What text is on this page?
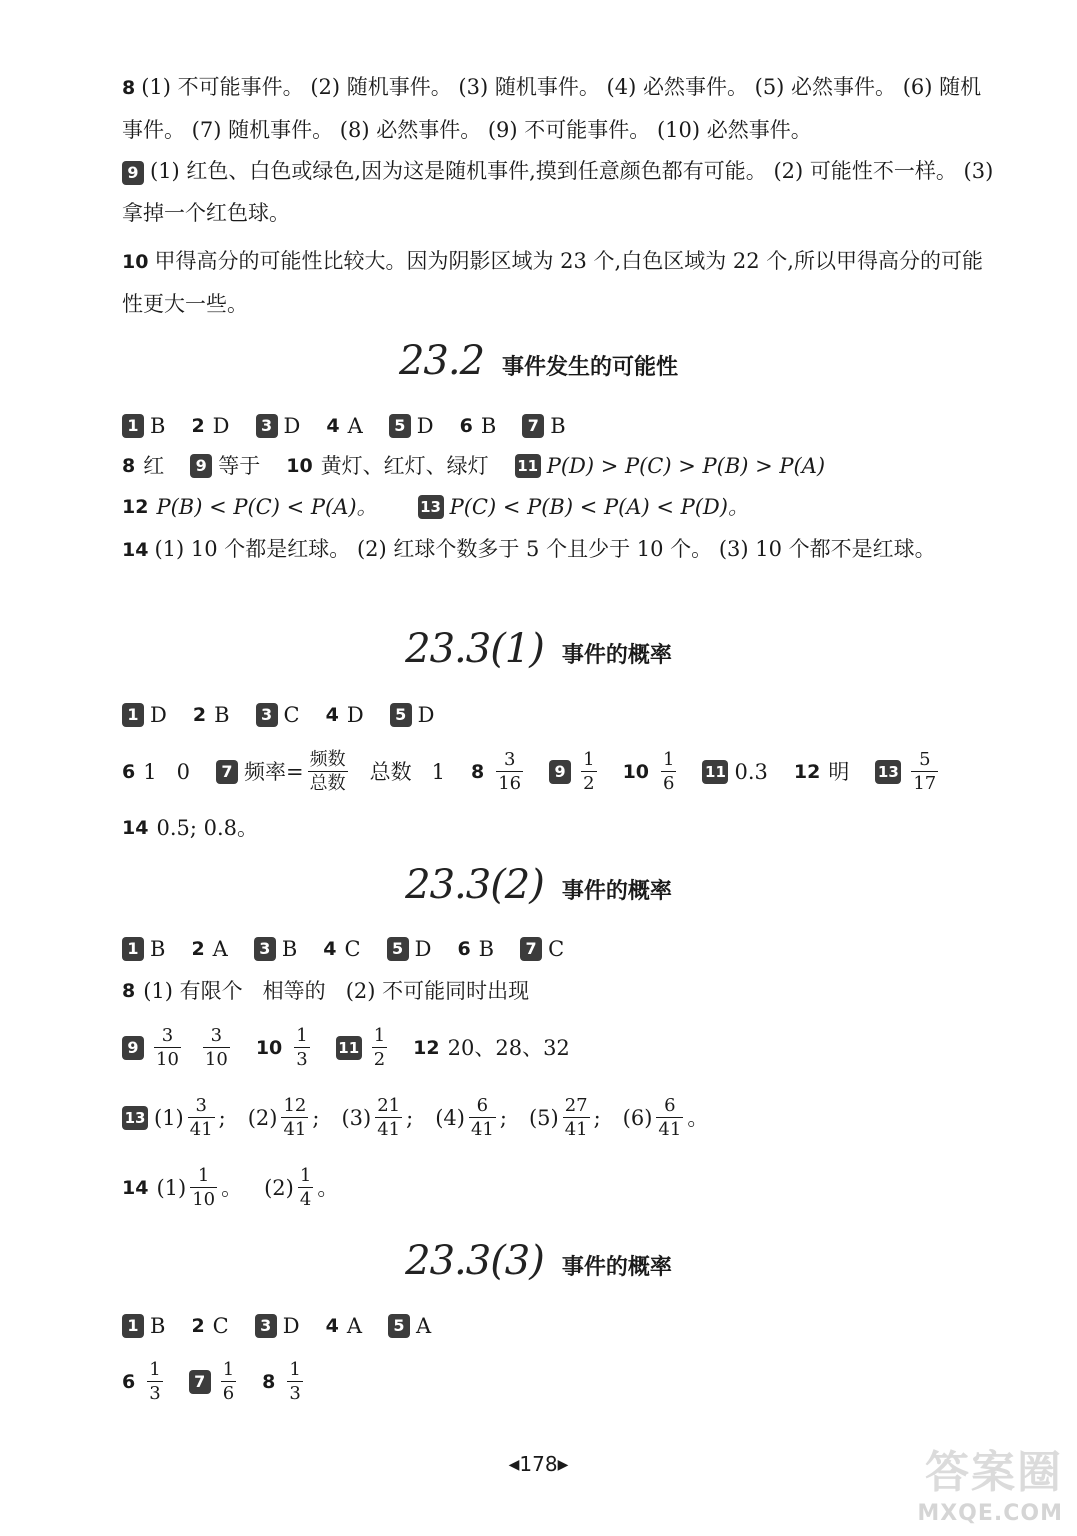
8 (1) 不可能事件。 (2) 随机事件。 (3) 随机事件。 (4) 必然事件。 (5) 必然事件。 (6) 随机事件。 (7) 随机事件。 (8) 必然事件。 (9) 不可能事件。 (10) 必然事件。
9 (1) 红色、白色或绿色,因为这是随机事件,摸到任意颜色都有可能。 (2) 可能性不一样。 (3) 拿掉一个红色球。
10 甲得高分的可能性比较大。因为阴影区域为 23 个,白色区域为 22 个,所以甲得高分的可能性更大一些。
23.2 事件发生的可能性
1 B 2 D	3 D 4 A	5 D 6 B	7 B
8 红	9 等于 10 黄灯、红灯、绿灯 11 P(D) > P(C) > P(B) > P(A)
12 P(B) < P(C) < P(A)。	13 P(C) < P(B) < P(A) < P(D)。
14 (1) 10 个都是红球。 (2) 红球个数多于 5 个且少于 10 个。 (3) 10 个都不是红球。
23.3(1) 事件的概率
1 D 2 B	3 C 4 D	5 D
6 1   0	7 频率= $\frac{\text{频数}}{\text{总数}}$ 总数   1 $8 \frac{3}{16}$	$9 \frac{1}{2} 10 \frac{1}{6} 11$ 0.3 12 明 $13 \frac{5}{17}$
14 0.5; 0.8。
23.3(2) 事件的概率
1 B 2 A	3 B 4 C	5 D 6 B	7 C
8 (1) 有限个   相等的   (2) 不可能同时出现
$9 \frac{3}{10} \frac{3}{10} 10 \frac{1}{3} 11 \frac{1}{2} 12$ 20、28、32
13 $(1) \frac{3}{41}$ ; $(2) \frac{12}{41}$ ; $(3) \frac{21}{41}$ ; $(4) \frac{6}{41}$ ; $(5) \frac{27}{41}$ ; $(6) \frac{6}{41}$ 。
14 $(1) \frac{1}{10}$ 。 $(2) \frac{1}{4}$ 。
23.3(3) 事件的概率
1 B 2 C	3 D 4 A	5 A
$6 \frac{1}{3}$	$7 \frac{1}{6} 8 \frac{1}{3}$
◀178▶	答案圈
MXQE.COM
